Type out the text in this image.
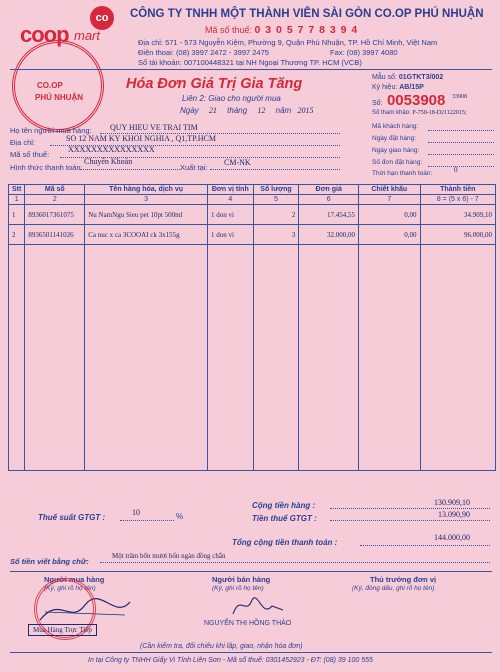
co
coop mart
CO.OP
PHÚ NHUẬN
CÔNG TY TNHH MỘT THÀNH VIÊN SÀI GÒN CO.OP PHÚ NHUẬN
Mã số thuế: 0 3 0 5 7 7 8 3 9 4
Địa chỉ: 571 - 573 Nguyễn Kiệm, Phường 9, Quận Phú Nhuận, TP. Hồ Chí Minh, Việt Nam
Điện thoại: (08) 3997 2472 - 3997 2475	Fax: (08) 3997 4080
Số tài khoản: 007100448321 tại NH Ngoại Thương TP. HCM (VCB)
Hóa Đơn Giá Trị Gia Tăng
Liên 2: Giao cho người mua
Ngày 21 tháng 12 năm 2015
Mẫu số: 01GTKT3/002
Ký hiệu: AB/15P
Số: 0053908 33908
Số tham khảo: P-750-18-D21122015;
Họ tên người mua hàng: QUY HIEU VE TRAI TIM
Địa chỉ:	SO 12 NAM KY KHOI NGHIA , Q1,TP.HCM
Mã số thuế:
XXXXXXXXXXXXXXX
Hình thức thanh toán:
Chuyển Khoản
Xuất tại:
CM-NK
Mã khách hàng:
Ngày đặt hàng:
Ngày giao hàng:
Số đơn đặt hàng:
Thời hạn thanh toán:	0
Stt	Mã số	Tên hàng hóa, dịch vụ	Đơn vị tính	Số lượng	Đơn giá	Chiết khấu	Thành tiền
1	2	3	4	5	6	7	8 = (5 x 6) - 7
1	8936017361075	Nu NamNgu Sieu pet 10pt 500ml	1 don vi	2	17.454,55	0,00	34.909,10
2	8936501141026	Ca nuc x ca 3COOAI ck 3x155g	1 don vi	3	32.000,00	0,00	96.000,00

Cộng tiền hàng :	130.909,10
Thuế suất GTGT :
10	%	Tiền thuế GTGT :	13.090,90
Tổng cộng tiền thanh toán :
144.000,00
Số tiền viết bằng chữ:
Một trăm bốn mươi bốn ngàn đồng chẵn
Người mua hàng
(Ký, ghi rõ họ tên)
Mua Hàng Trực Tiếp
Người bán hàng
(Ký, ghi rõ họ tên)
NGUYỄN THỊ HỒNG THẢO
Thủ trưởng đơn vị
(Ký, đóng dấu, ghi rõ họ tên)
(Cần kiểm tra, đối chiếu khi lập, giao, nhận hóa đơn)
In tại Công ty TNHH Giấy Vi Tính Liên Sơn - Mã số thuế: 0301452923 - ĐT: (08) 39 100 555
